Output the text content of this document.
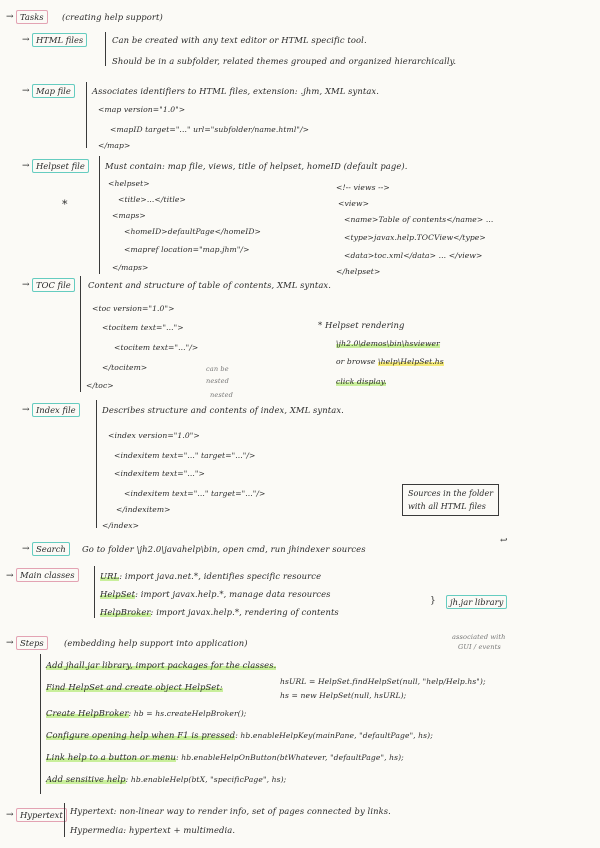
→ Tasks	(creating help support)
→ HTML files	Can be created with any text editor or HTML specific tool.
Should be in a subfolder, related themes grouped and organized hierarchically.
→ Map file	Associates identifiers to HTML files, extension: .jhm, XML syntax.
<map version="1.0">
<mapID target="..." url="subfolder/name.html"/>
</map>
→ Helpset file	Must contain: map file, views, title of helpset, homeID (default page).
*
<helpset>
<title>...</title>
<maps>
<homeID>defaultPage</homeID>
<mapref location="map.jhm"/>
</maps>
<!-- views -->
<view>
<name>Table of contents</name> ...
<type>javax.help.TOCView</type>
<data>toc.xml</data> ... </view>
</helpset>
→ TOC file	Content and structure of table of contents, XML syntax.
<toc version="1.0">
<tocitem text="...">
<tocitem text="..."/>
</tocitem>
</toc>
can be
nested
nested
* Helpset rendering
\jh2.0\demos\bin\hsviewer
or browse \help\HelpSet.hs
click display.
→ Index file	Describes structure and contents of index, XML syntax.
<index version="1.0">
<indexitem text="..." target="..."/>
<indexitem text="...">
<indexitem text="..." target="..."/>
</indexitem>
</index>
Sources in the folder
with all HTML files
↩
→ Search	Go to folder \jh2.0\javahelp\bin, open cmd, run jhindexer sources
→ Main classes	URL: import java.net.*, identifies specific resource
HelpSet: import javax.help.*, manage data resources
HelpBroker: import javax.help.*, rendering of contents
}	jh.jar library
→ Steps	(embedding help support into application)
associated with
GUI / events
Add jhall.jar library, import packages for the classes.
Find HelpSet and create object HelpSet:
hsURL = HelpSet.findHelpSet(null, "help/Help.hs");
hs = new HelpSet(null, hsURL);
Create HelpBroker: hb = hs.createHelpBroker();
Configure opening help when F1 is pressed: hb.enableHelpKey(mainPane, "defaultPage", hs);
Link help to a button or menu: hb.enableHelpOnButton(btWhatever, "defaultPage", hs);
Add sensitive help: hb.enableHelp(btX, "specificPage", hs);
→ Hypertext Hypertext: non-linear way to render info, set of pages connected by links.
Hypermedia: hypertext + multimedia.
